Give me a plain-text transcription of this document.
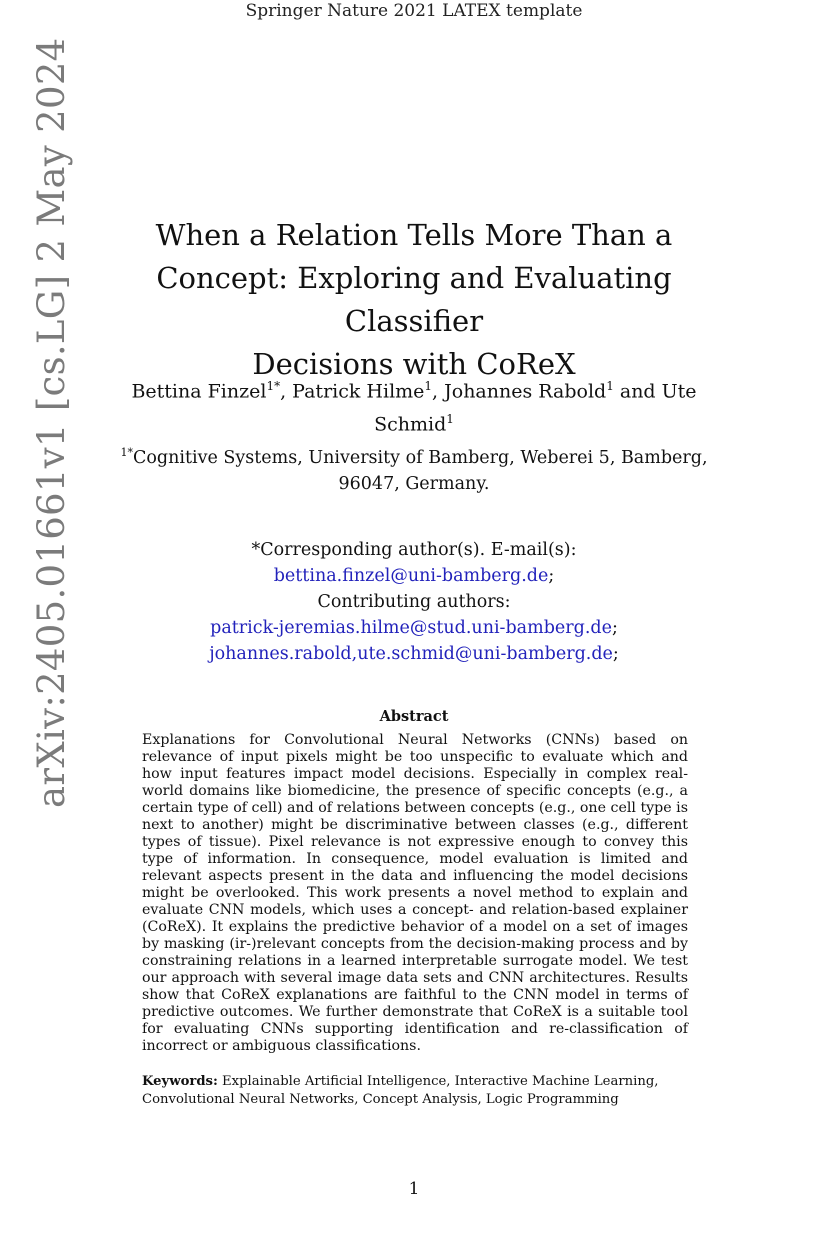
Springer Nature 2021 LATEX template
arXiv:2405.01661v1 [cs.LG] 2 May 2024	When a Relation Tells More Than a
Concept: Exploring and Evaluating Classifier
Decisions with CoReX

Bettina Finzel$^{1*}$, Patrick Hilme$^1$, Johannes Rabold$^1$ and Ute Schmid$^1$

$^{1*}$Cognitive Systems, University of Bamberg, Weberei 5, Bamberg, 96047, Germany.

*Corresponding author(s). E-mail(s):
bettina.finzel@uni-bamberg.de;
Contributing authors:
patrick-jeremias.hilme@stud.uni-bamberg.de;
johannes.rabold,ute.schmid@uni-bamberg.de;
Abstract

Explanations for Convolutional Neural Networks (CNNs) based on relevance of input pixels might be too unspecific to evaluate which and how input features impact model decisions. Especially in complex real-world domains like biomedicine, the presence of specific concepts (e.g., a certain type of cell) and of relations between concepts (e.g., one cell type is next to another) might be discriminative between classes (e.g., different types of tissue). Pixel relevance is not expressive enough to convey this type of information. In consequence, model evaluation is limited and relevant aspects present in the data and influencing the model decisions might be overlooked. This work presents a novel method to explain and evaluate CNN models, which uses a concept- and relation-based explainer (CoReX). It explains the predictive behavior of a model on a set of images by masking (ir-)relevant concepts from the decision-making process and by constraining relations in a learned interpretable surrogate model. We test our approach with several image data sets and CNN architectures. Results show that CoReX explanations are faithful to the CNN model in terms of predictive outcomes. We further demonstrate that CoReX is a suitable tool for evaluating CNNs supporting identification and re-classification of incorrect or ambiguous classifications.

Keywords: Explainable Artificial Intelligence, Interactive Machine Learning, Convolutional Neural Networks, Concept Analysis, Logic Programming

1
